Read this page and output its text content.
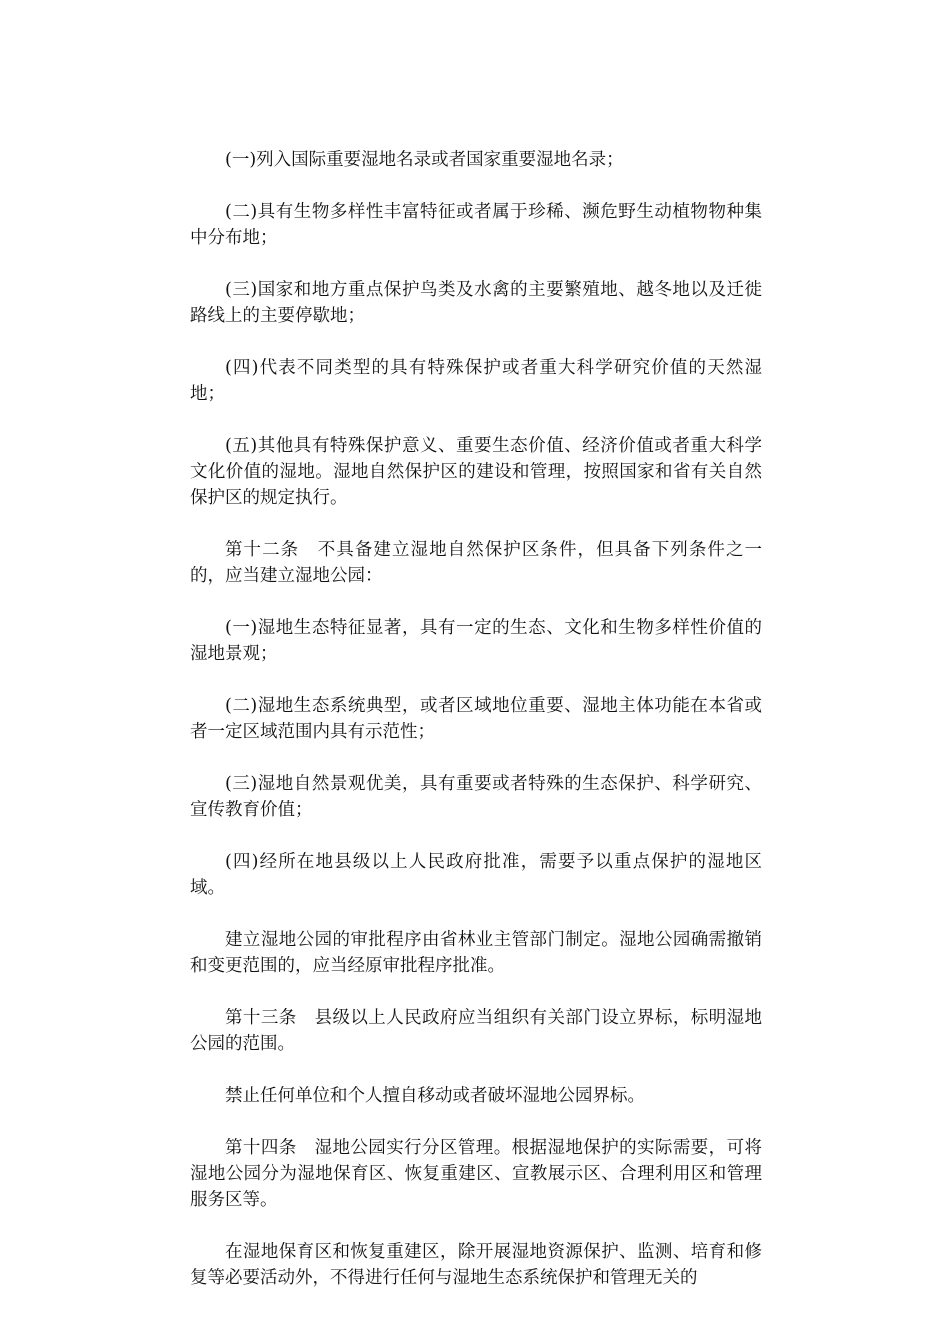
(一)列入国际重要湿地名录或者国家重要湿地名录；

(二)具有生物多样性丰富特征或者属于珍稀、濒危野生动植物物种集中分布地；

(三)国家和地方重点保护鸟类及水禽的主要繁殖地、越冬地以及迁徙路线上的主要停歇地；

(四)代表不同类型的具有特殊保护或者重大科学研究价值的天然湿地；

(五)其他具有特殊保护意义、重要生态价值、经济价值或者重大科学文化价值的湿地。湿地自然保护区的建设和管理，按照国家和省有关自然保护区的规定执行。

第十二条　不具备建立湿地自然保护区条件，但具备下列条件之一的，应当建立湿地公园：

(一)湿地生态特征显著，具有一定的生态、文化和生物多样性价值的湿地景观；

(二)湿地生态系统典型，或者区域地位重要、湿地主体功能在本省或者一定区域范围内具有示范性；

(三)湿地自然景观优美，具有重要或者特殊的生态保护、科学研究、宣传教育价值；

(四)经所在地县级以上人民政府批准，需要予以重点保护的湿地区域。

建立湿地公园的审批程序由省林业主管部门制定。湿地公园确需撤销和变更范围的，应当经原审批程序批准。

第十三条　县级以上人民政府应当组织有关部门设立界标，标明湿地公园的范围。

禁止任何单位和个人擅自移动或者破坏湿地公园界标。

第十四条　湿地公园实行分区管理。根据湿地保护的实际需要，可将湿地公园分为湿地保育区、恢复重建区、宣教展示区、合理利用区和管理服务区等。

在湿地保育区和恢复重建区，除开展湿地资源保护、监测、培育和修复等必要活动外，不得进行任何与湿地生态系统保护和管理无关的
